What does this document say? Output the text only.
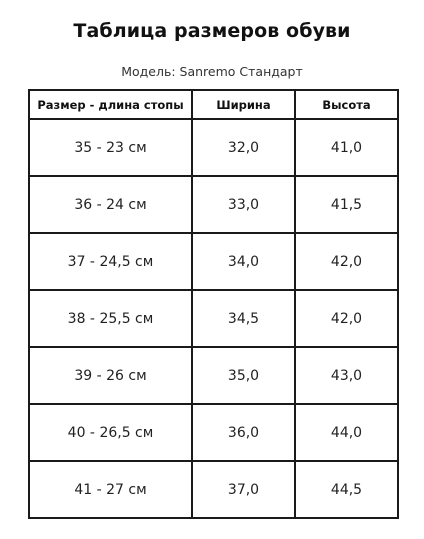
Таблица размеров обуви

Модель: Sanremo Стандарт

Размер - длина стопы	Ширина	Высота
35 - 23 см	32,0	41,0
36 - 24 см	33,0	41,5
37 - 24,5 см	34,0	42,0
38 - 25,5 см	34,5	42,0
39 - 26 см	35,0	43,0
40 - 26,5 см	36,0	44,0
41 - 27 см	37,0	44,5
